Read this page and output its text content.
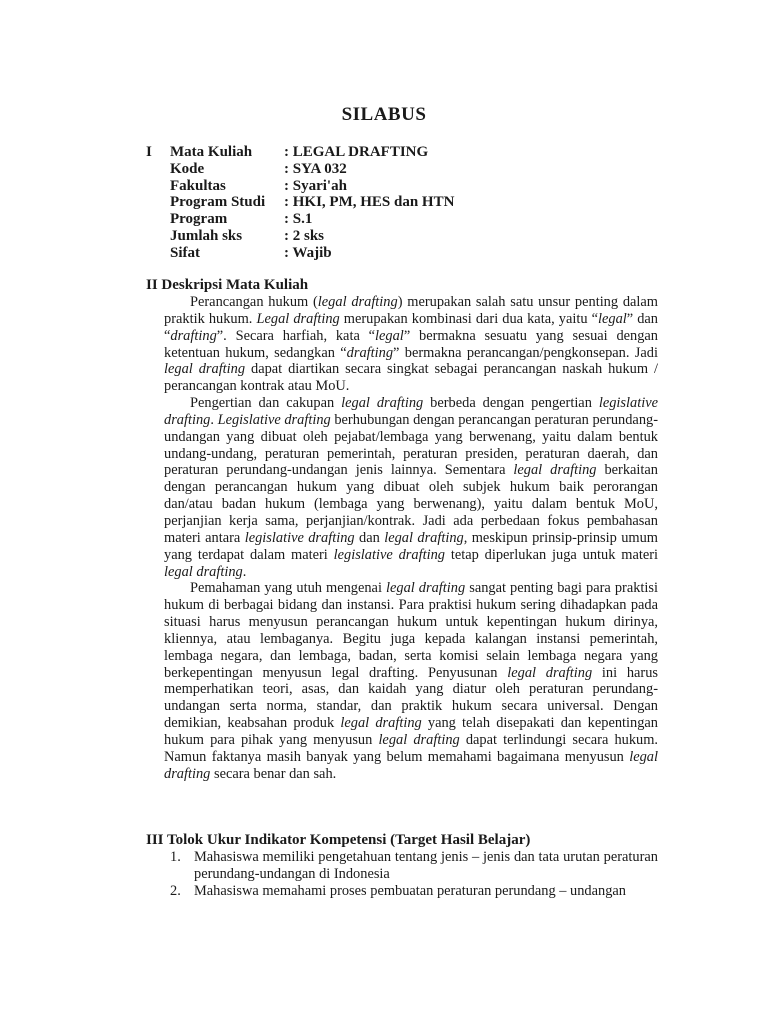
SILABUS
I Mata Kuliah : LEGAL DRAFTING
Kode	: SYA 032
Fakultas	: Syari'ah
Program Studi : HKI, PM, HES dan HTN
Program	: S.1
Jumlah sks	: 2 sks
Sifat	: Wajib
II Deskripsi Mata Kuliah

Perancangan hukum (legal drafting) merupakan salah satu unsur penting dalam praktik hukum. Legal drafting merupakan kombinasi dari dua kata, yaitu “legal” dan “drafting”. Secara harfiah, kata “legal” bermakna sesuatu yang sesuai dengan ketentuan hukum, sedangkan “drafting” bermakna perancangan/pengkonsepan. Jadi legal drafting dapat diartikan secara singkat sebagai perancangan naskah hukum / perancangan kontrak atau MoU.

Pengertian dan cakupan legal drafting berbeda dengan pengertian legislative drafting. Legislative drafting berhubungan dengan perancangan peraturan perundang-undangan yang dibuat oleh pejabat/lembaga yang berwenang, yaitu dalam bentuk undang-undang, peraturan pemerintah, peraturan presiden, peraturan daerah, dan peraturan perundang-undangan jenis lainnya. Sementara legal drafting berkaitan dengan perancangan hukum yang dibuat oleh subjek hukum baik perorangan dan/atau badan hukum (lembaga yang berwenang), yaitu dalam bentuk MoU, perjanjian kerja sama, perjanjian/kontrak. Jadi ada perbedaan fokus pembahasan materi antara legislative drafting dan legal drafting, meskipun prinsip-prinsip umum yang terdapat dalam materi legislative drafting tetap diperlukan juga untuk materi legal drafting.

Pemahaman yang utuh mengenai legal drafting sangat penting bagi para praktisi hukum di berbagai bidang dan instansi. Para praktisi hukum sering dihadapkan pada situasi harus menyusun perancangan hukum untuk kepentingan hukum dirinya, kliennya, atau lembaganya. Begitu juga kepada kalangan instansi pemerintah, lembaga negara, dan lembaga, badan, serta komisi selain lembaga negara yang berkepentingan menyusun legal drafting. Penyusunan legal drafting ini harus memperhatikan teori, asas, dan kaidah yang diatur oleh peraturan perundang-undangan serta norma, standar, dan praktik hukum secara universal. Dengan demikian, keabsahan produk legal drafting yang telah disepakati dan kepentingan hukum para pihak yang menyusun legal drafting dapat terlindungi secara hukum. Namun faktanya masih banyak yang belum memahami bagaimana menyusun legal drafting secara benar dan sah.

III Tolok Ukur Indikator Kompetensi (Target Hasil Belajar)
1. Mahasiswa memiliki pengetahuan tentang jenis – jenis dan tata urutan peraturan perundang-undangan di Indonesia
2. Mahasiswa memahami proses pembuatan peraturan perundang – undangan
